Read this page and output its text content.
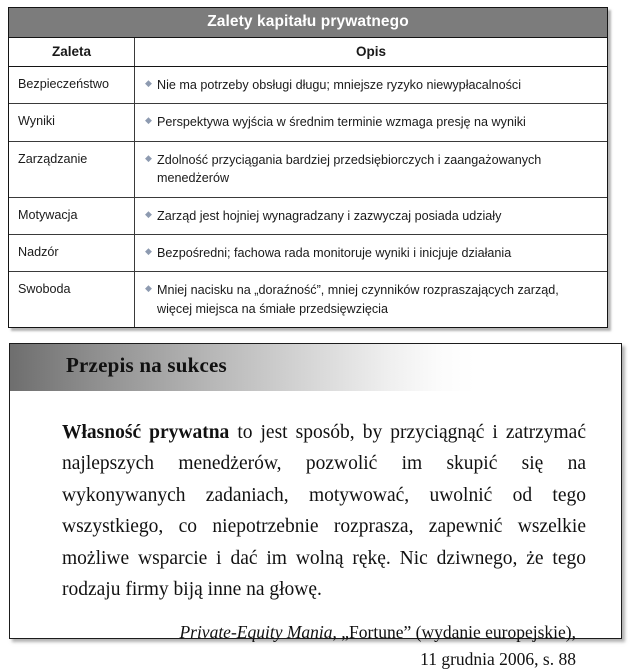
Zalety kapitału prywatnego
Zaleta	Opis
Bezpieczeństwo	◆ Nie ma potrzeby obsługi długu; mniejsze ryzyko niewypłacalności
Wyniki	◆ Perspektywa wyjścia w średnim terminie wzmaga presję na wyniki
Zarządzanie	◆ Zdolność przyciągania bardziej przedsiębiorczych i zaangażowanych menedżerów
Motywacja	◆ Zarząd jest hojniej wynagradzany i zazwyczaj posiada udziały
Nadzór	◆ Bezpośredni; fachowa rada monitoruje wyniki i inicjuje działania
Swoboda	◆ Mniej nacisku na „doraźność”, mniej czynników rozpraszających zarząd, więcej miejsca na śmiałe przedsięwzięcia
Przepis na sukces
Własność prywatna to jest sposób, by przyciągnąć i zatrzymać najlepszych menedżerów, pozwolić im skupić się na wykonywanych zadaniach, motywować, uwolnić od tego wszystkiego, co niepotrzebnie rozprasza, zapewnić wszelkie możliwe wsparcie i dać im wolną rękę. Nic dziwnego, że tego rodzaju firmy biją inne na głowę.
Private-Equity Mania, „Fortune” (wydanie europejskie),
11 grudnia 2006, s. 88
